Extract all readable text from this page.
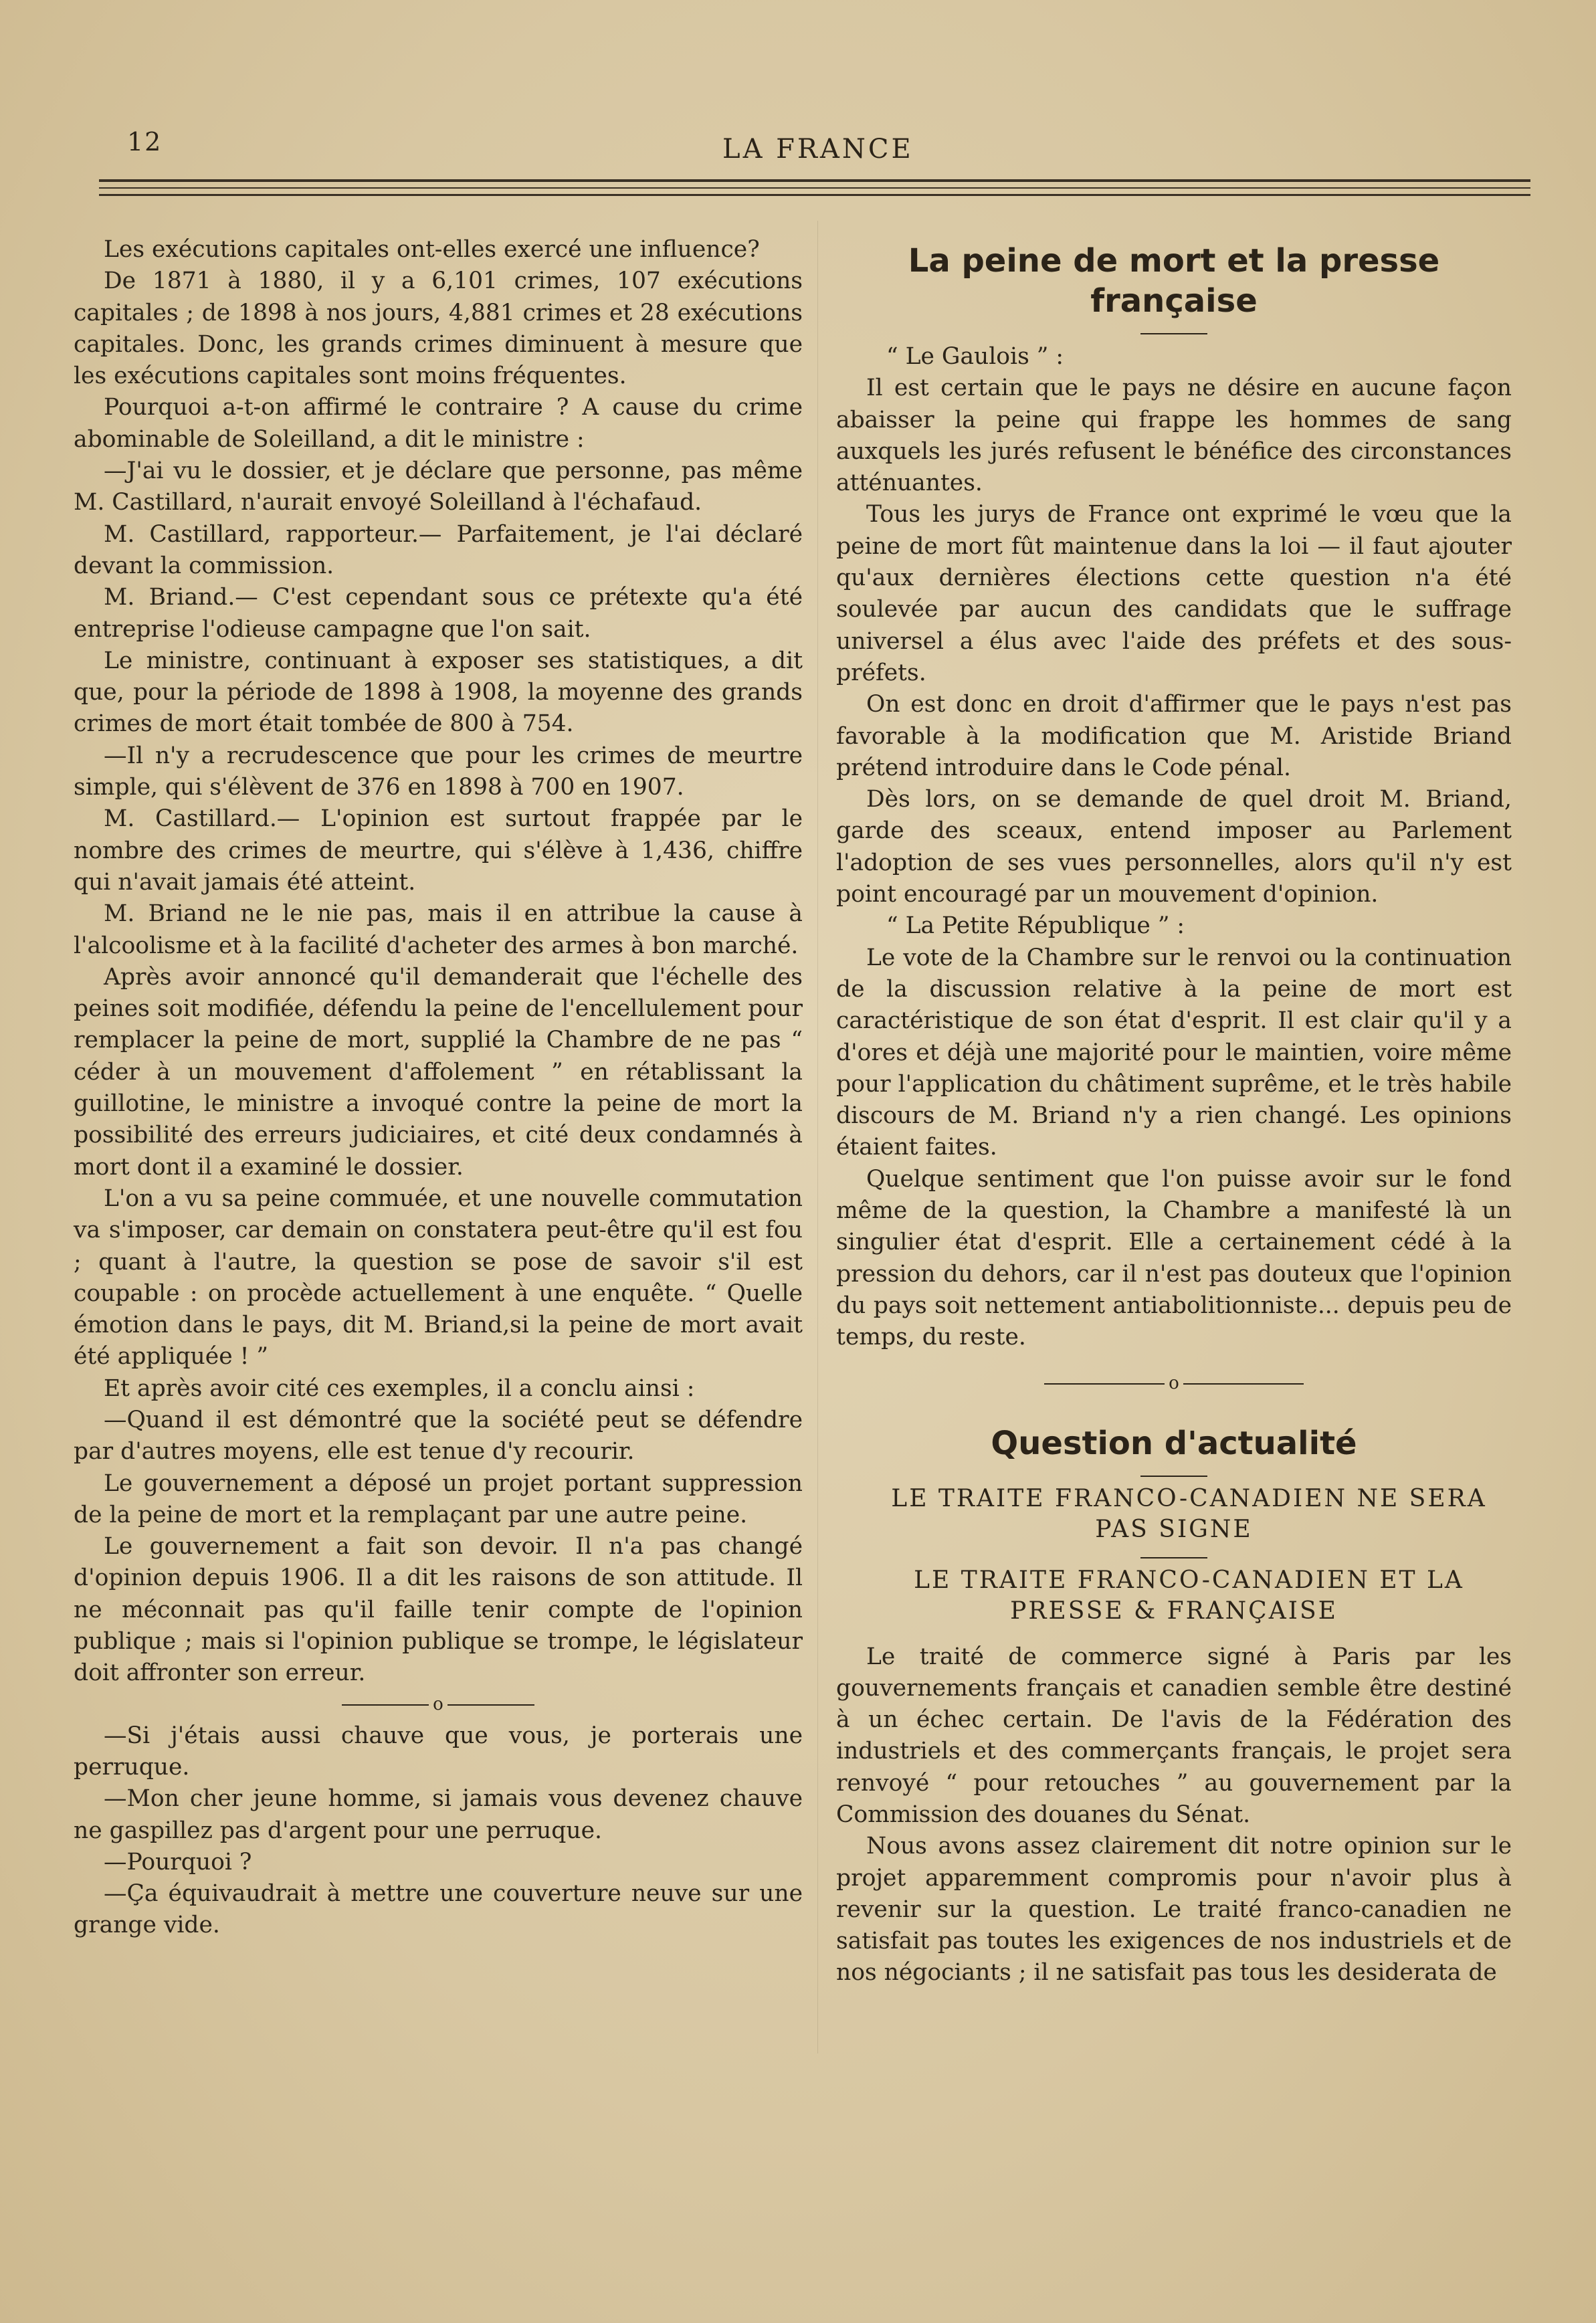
12	LA FRANCE

Les exécutions capitales ont-elles exercé une influence?

De 1871 à 1880, il y a 6,101 crimes, 107 exécutions capitales ; de 1898 à nos jours, 4,881 crimes et 28 exécutions capitales. Donc, les grands crimes diminuent à mesure que les exécutions capitales sont moins fréquentes.

Pourquoi a-t-on affirmé le contraire ? A cause du crime abominable de Soleilland, a dit le ministre :

—J'ai vu le dossier, et je déclare que personne, pas même M. Castillard, n'aurait envoyé Soleilland à l'échafaud.

M. Castillard, rapporteur.— Parfaitement, je l'ai déclaré devant la commission.

M. Briand.— C'est cependant sous ce prétexte qu'a été entreprise l'odieuse campagne que l'on sait.

Le ministre, continuant à exposer ses statistiques, a dit que, pour la période de 1898 à 1908, la moyenne des grands crimes de mort était tombée de 800 à 754.

—Il n'y a recrudescence que pour les crimes de meurtre simple, qui s'élèvent de 376 en 1898 à 700 en 1907.

M. Castillard.— L'opinion est surtout frappée par le nombre des crimes de meurtre, qui s'élève à 1,436, chiffre qui n'avait jamais été atteint.

M. Briand ne le nie pas, mais il en attribue la cause à l'alcoolisme et à la facilité d'acheter des armes à bon marché.

Après avoir annoncé qu'il demanderait que l'échelle des peines soit modifiée, défendu la peine de l'encellulement pour remplacer la peine de mort, supplié la Chambre de ne pas “ céder à un mouvement d'affolement ” en rétablissant la guillotine, le ministre a invoqué contre la peine de mort la possibilité des erreurs judiciaires, et cité deux condamnés à mort dont il a examiné le dossier.

L'on a vu sa peine commuée, et une nouvelle commutation va s'imposer, car demain on constatera peut-être qu'il est fou ; quant à l'autre, la question se pose de savoir s'il est coupable : on procède actuellement à une enquête. “ Quelle émotion dans le pays, dit M. Briand,si la peine de mort avait été appliquée ! ”

Et après avoir cité ces exemples, il a conclu ainsi :

—Quand il est démontré que la société peut se défendre par d'autres moyens, elle est tenue d'y recourir.

Le gouvernement a déposé un projet portant suppression de la peine de mort et la remplaçant par une autre peine.

Le gouvernement a fait son devoir. Il n'a pas changé d'opinion depuis 1906. Il a dit les raisons de son attitude. Il ne méconnait pas qu'il faille tenir compte de l'opinion publique ; mais si l'opinion publique se trompe, le législateur doit affronter son erreur.

o

—Si j'étais aussi chauve que vous, je porterais une perruque.

—Mon cher jeune homme, si jamais vous devenez chauve ne gaspillez pas d'argent pour une perruque.

—Pourquoi ?

—Ça équivaudrait à mettre une couverture neuve sur une grange vide.

La peine de mort et la presse française

“ Le Gaulois ” :

Il est certain que le pays ne désire en aucune façon abaisser la peine qui frappe les hommes de sang auxquels les jurés refusent le bénéfice des circonstances atténuantes.

Tous les jurys de France ont exprimé le vœu que la peine de mort fût maintenue dans la loi — il faut ajouter qu'aux dernières élections cette question n'a été soulevée par aucun des candidats que le suffrage universel a élus avec l'aide des préfets et des sous-préfets.

On est donc en droit d'affirmer que le pays n'est pas favorable à la modification que M. Aristide Briand prétend introduire dans le Code pénal.

Dès lors, on se demande de quel droit M. Briand, garde des sceaux, entend imposer au Parlement l'adoption de ses vues personnelles, alors qu'il n'y est point encouragé par un mouvement d'opinion.

“ La Petite République ” :

Le vote de la Chambre sur le renvoi ou la continuation de la discussion relative à la peine de mort est caractéristique de son état d'esprit. Il est clair qu'il y a d'ores et déjà une majorité pour le maintien, voire même pour l'application du châtiment suprême, et le très habile discours de M. Briand n'y a rien changé. Les opinions étaient faites.

Quelque sentiment que l'on puisse avoir sur le fond même de la question, la Chambre a manifesté là un singulier état d'esprit. Elle a certainement cédé à la pression du dehors, car il n'est pas douteux que l'opinion du pays soit nettement antiabolitionniste... depuis peu de temps, du reste.

o
Question d'actualité

LE TRAITE FRANCO-CANADIEN NE SERA PAS SIGNE

LE TRAITE FRANCO-CANADIEN ET LA PRESSE & FRANÇAISE

Le traité de commerce signé à Paris par les gouvernements français et canadien semble être destiné à un échec certain. De l'avis de la Fédération des industriels et des commerçants français, le projet sera renvoyé “ pour retouches ” au gouvernement par la Commission des douanes du Sénat.

Nous avons assez clairement dit notre opinion sur le projet apparemment compromis pour n'avoir plus à revenir sur la question. Le traité franco-canadien ne satisfait pas toutes les exigences de nos industriels et de nos négociants ; il ne satisfait pas tous les desiderata de
